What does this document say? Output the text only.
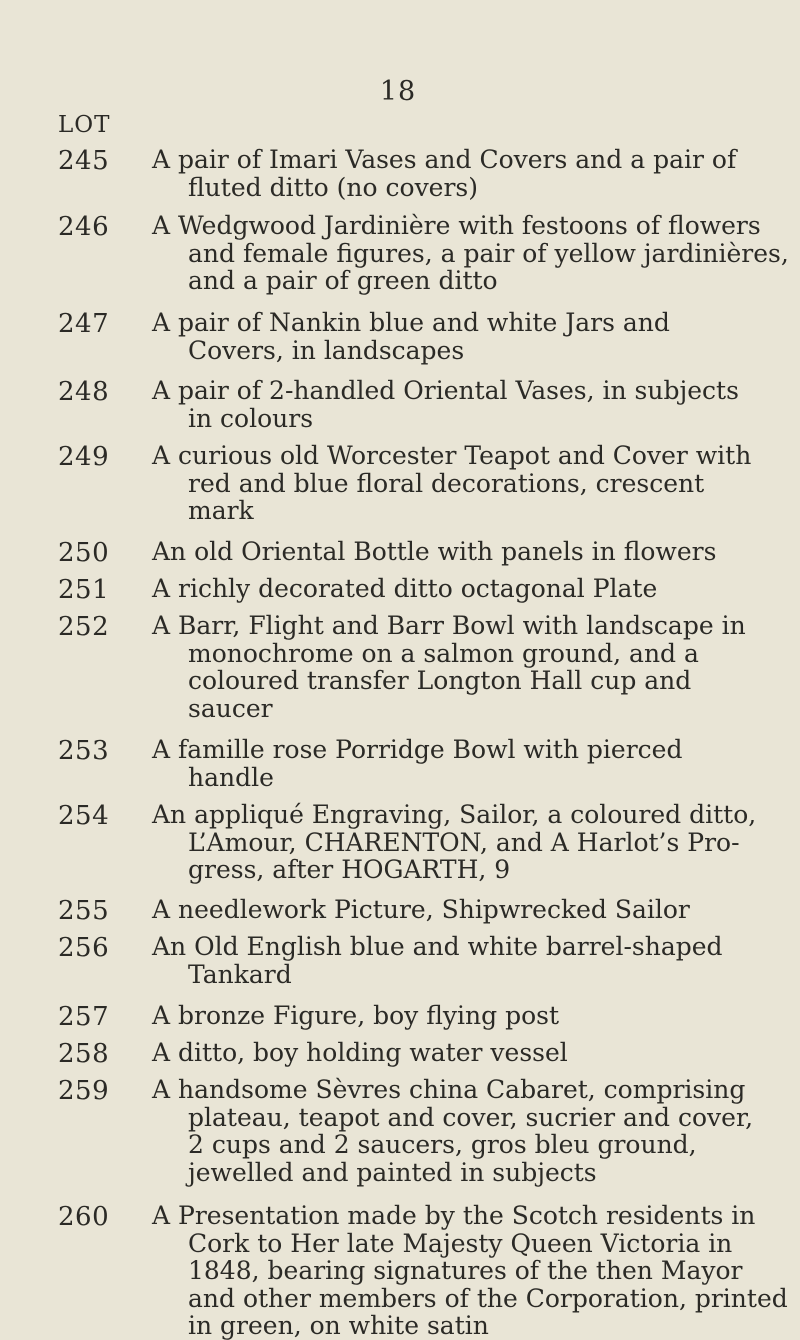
18
LOT
245 A pair of Imari Vases and Covers and a pair of
fluted ditto (no covers)
246 A Wedgwood Jardinière with festoons of flowers
and female figures, a pair of yellow jardinières,
and a pair of green ditto
247 A pair of Nankin blue and white Jars and
Covers, in landscapes
248 A pair of 2-handled Oriental Vases, in subjects
in colours
249 A curious old Worcester Teapot and Cover with
red and blue floral decorations, crescent
mark
250 An old Oriental Bottle with panels in flowers
251 A richly decorated ditto octagonal Plate
252 A Barr, Flight and Barr Bowl with landscape in
monochrome on a salmon ground, and a
coloured transfer Longton Hall cup and
saucer
253 A famille rose Porridge Bowl with pierced
handle
254 An appliqué Engraving, Sailor, a coloured ditto,
L’Amour, CHARENTON, and A Harlot’s Pro-
gress, after HOGARTH, 9
255 A needlework Picture, Shipwrecked Sailor
256 An Old English blue and white barrel-shaped
Tankard
257 A bronze Figure, boy flying post
258 A ditto, boy holding water vessel
259 A handsome Sèvres china Cabaret, comprising
plateau, teapot and cover, sucrier and cover,
2 cups and 2 saucers, gros bleu ground,
jewelled and painted in subjects
260 A Presentation made by the Scotch residents in
Cork to Her late Majesty Queen Victoria in
1848, bearing signatures of the then Mayor
and other members of the Corporation, printed
in green, on white satin
